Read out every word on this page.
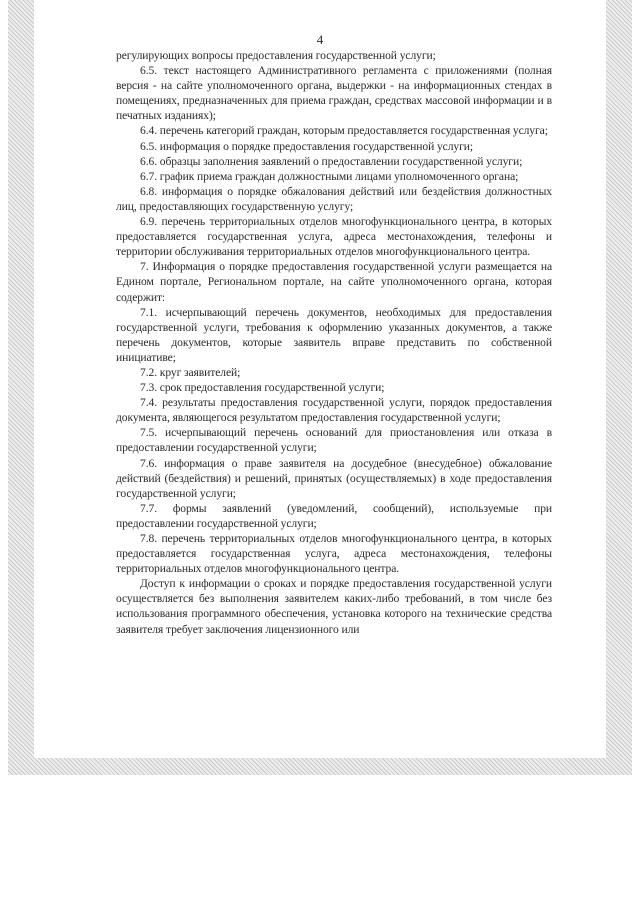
4

регулирующих вопросы предоставления государственной услуги;

6.5. текст настоящего Административного регламента с приложениями (полная версия - на сайте уполномоченного органа, выдержки - на информационных стендах в помещениях, предназначенных для приема граждан, средствах массовой информации и в печатных изданиях);

6.4. перечень категорий граждан, которым предоставляется государственная услуга;

6.5. информация о порядке предоставления государственной услуги;

6.6. образцы заполнения заявлений о предоставлении государственной услуги;

6.7. график приема граждан должностными лицами уполномоченного органа;

6.8. информация о порядке обжалования действий или бездействия должностных лиц, предоставляющих государственную услугу;

6.9. перечень территориальных отделов многофункционального центра, в которых предоставляется государственная услуга, адреса местонахождения, телефоны и территории обслуживания территориальных отделов многофункционального центра.

7. Информация о порядке предоставления государственной услуги размещается на Едином портале, Региональном портале, на сайте уполномоченного органа, которая содержит:

7.1. исчерпывающий перечень документов, необходимых для предоставления государственной услуги, требования к оформлению указанных документов, а также перечень документов, которые заявитель вправе представить по собственной инициативе;

7.2. круг заявителей;

7.3. срок предоставления государственной услуги;

7.4. результаты предоставления государственной услуги, порядок предоставления документа, являющегося результатом предоставления государственной услуги;

7.5. исчерпывающий перечень оснований для приостановления или отказа в предоставлении государственной услуги;

7.6. информация о праве заявителя на досудебное (внесудебное) обжалование действий (бездействия) и решений, принятых (осуществляемых) в ходе предоставления государственной услуги;

7.7. формы заявлений (уведомлений, сообщений), используемые при предоставлении государственной услуги;

7.8. перечень территориальных отделов многофункционального центра, в которых предоставляется государственная услуга, адреса местонахождения, телефоны территориальных отделов многофункционального центра.

Доступ к информации о сроках и порядке предоставления государственной услуги осуществляется без выполнения заявителем каких-либо требований, в том числе без использования программного обеспечения, установка которого на технические средства заявителя требует заключения лицензионного или
